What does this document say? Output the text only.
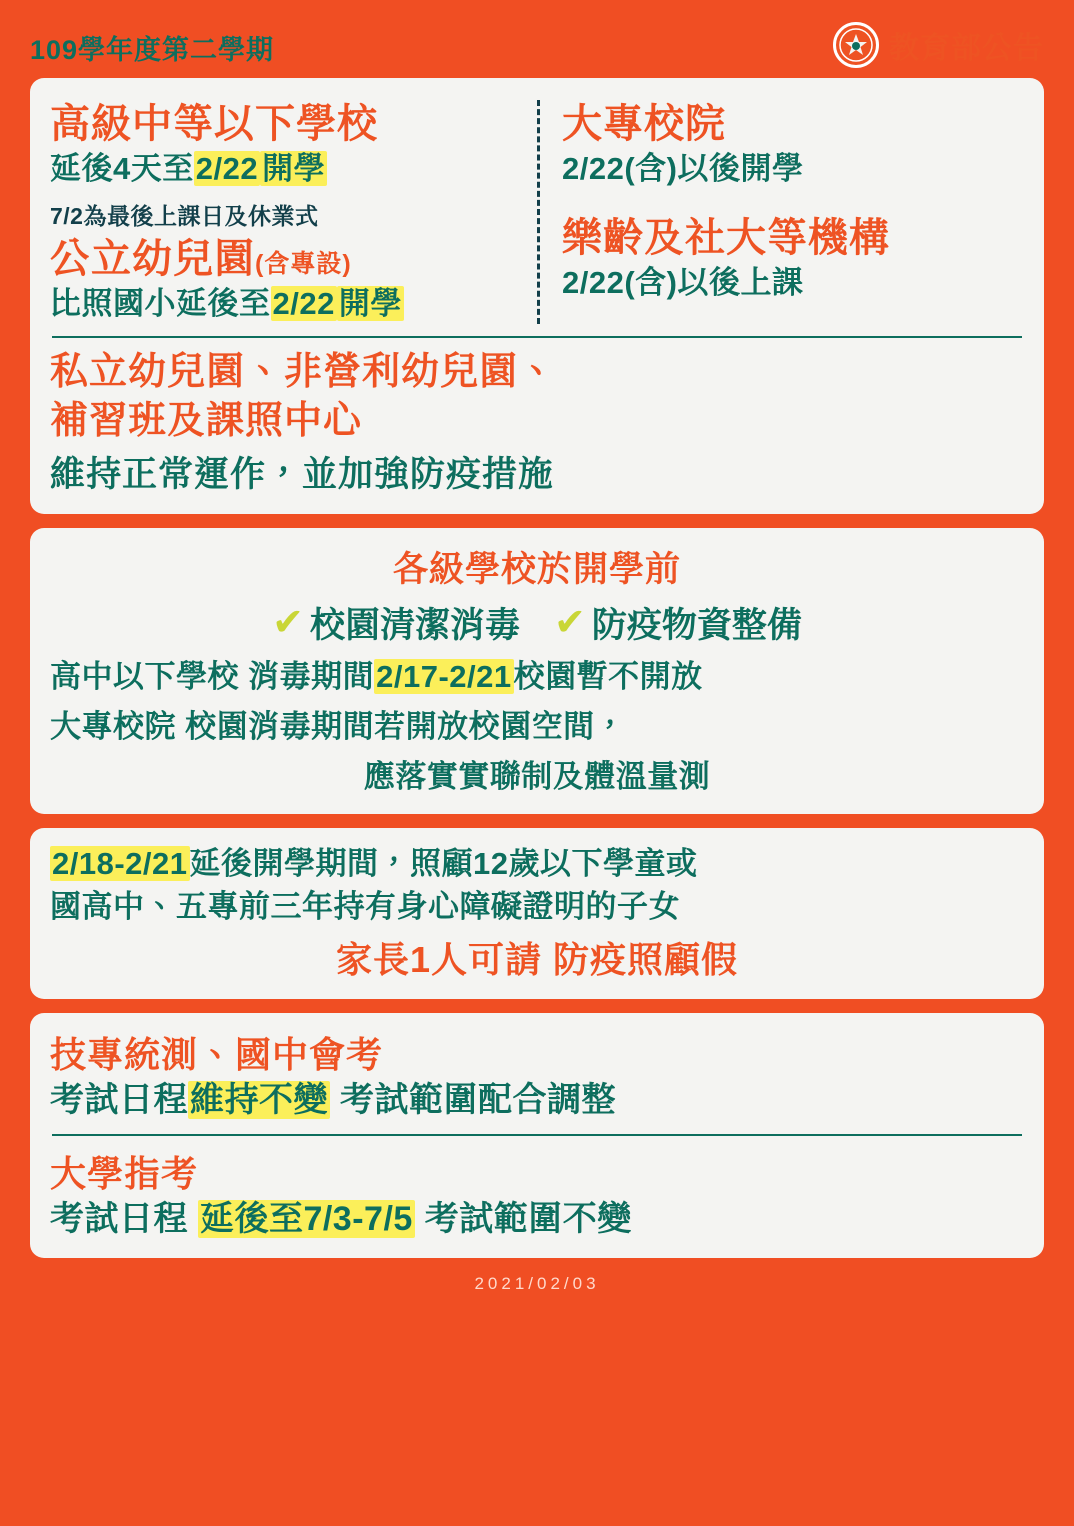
109學年度第二學期	教育部公告
高級中等以下學校
延後4天至2/22 開學
7/2為最後上課日及休業式
公立幼兒園(含專設)
比照國小延後至2/22 開學
大專校院
2/22(含)以後開學
樂齡及社大等機構
2/22(含)以後上課
私立幼兒園、非營利幼兒園、
補習班及課照中心
維持正常運作，並加強防疫措施
各級學校於開學前
✔ 校園清潔消毒 ✔ 防疫物資整備
高中以下學校 消毒期間2/17-2/21校園暫不開放
大專校院 校園消毒期間若開放校園空間，
應落實實聯制及體溫量測
2/18-2/21延後開學期間，照顧12歲以下學童或
國高中、五專前三年持有身心障礙證明的子女
家長1人可請 防疫照顧假
技專統測、國中會考
考試日程維持不變 考試範圍配合調整
大學指考
考試日程 延後至7/3-7/5 考試範圍不變
2021/02/03
